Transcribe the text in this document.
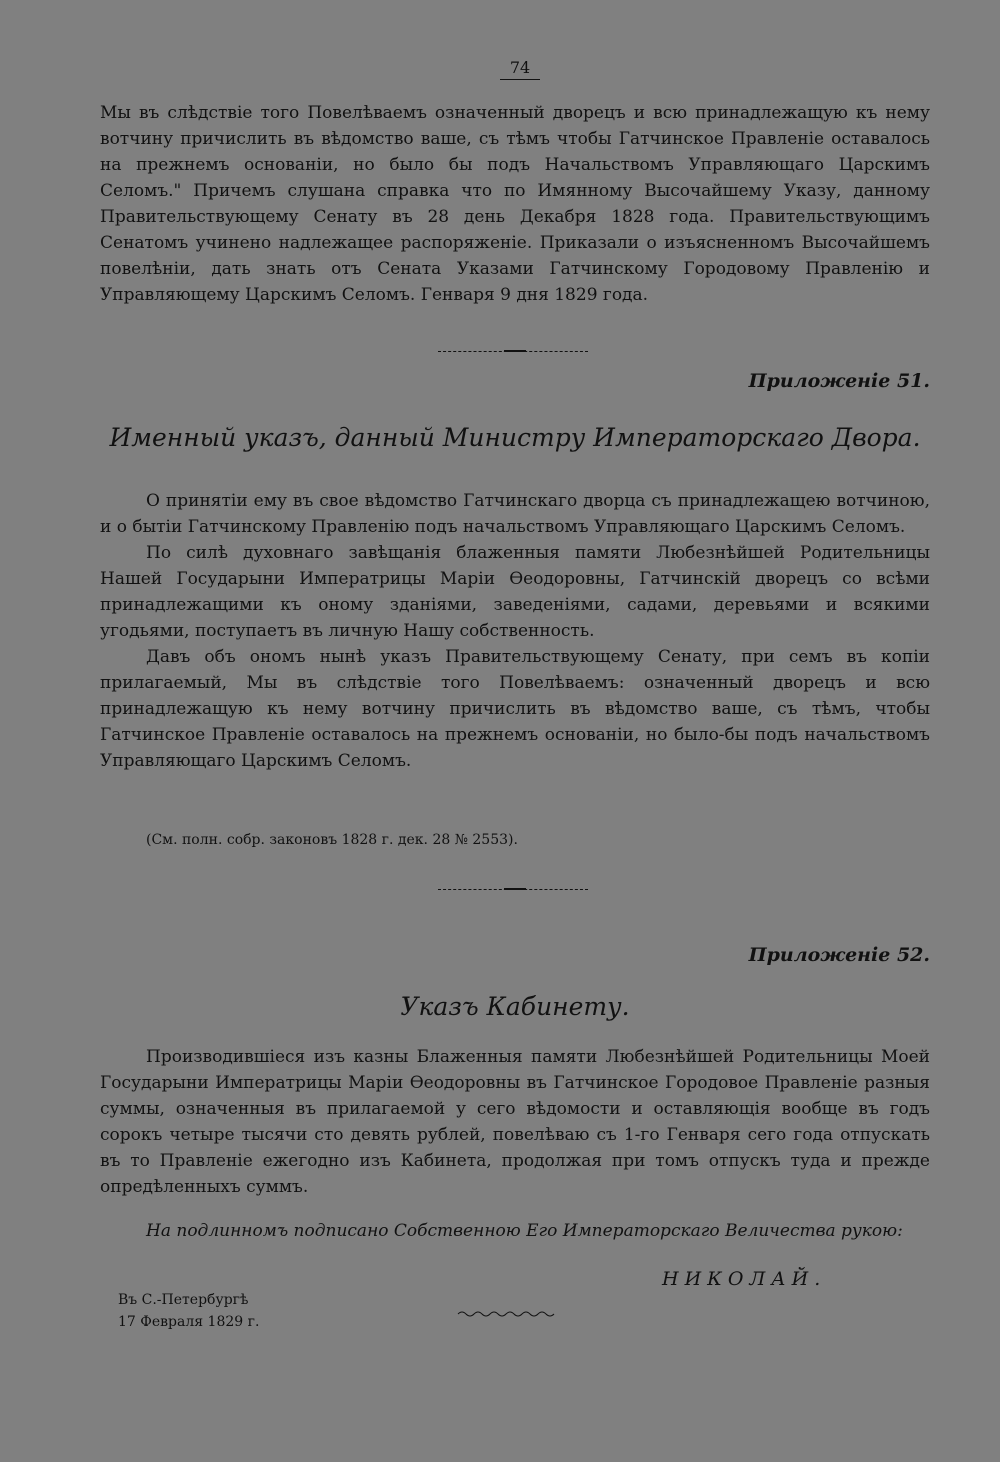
74

Мы въ слѣдствіе того Повелѣваемъ означенный дворецъ и всю принадлежащую къ нему вотчину причислить въ вѣдомство ваше, съ тѣмъ чтобы Гатчинское Правленіе оставалось на прежнемъ основаніи, но было бы подъ Начальствомъ Управляющаго Царскимъ Селомъ." Причемъ слушана справка что по Имянному Высочайшему Указу, данному Правительствующему Сенату въ 28 день Декабря 1828 года. Правительствующимъ Сенатомъ учинено надлежащее распоряженіе. Приказали о изъясненномъ Высочайшемъ повелѣніи, дать знать отъ Сената Указами Гатчинскому Городовому Правленію и Управляющему Царскимъ Селомъ. Генваря 9 дня 1829 года.

Приложеніе 51.
Именный указъ, данный Министру Императорскаго Двора.

О принятіи ему въ свое вѣдомство Гатчинскаго дворца съ принадлежащею вотчиною, и о бытіи Гатчинскому Правленію подъ начальствомъ Управляющаго Царскимъ Селомъ.

По силѣ духовнаго завѣщанія блаженныя памяти Любезнѣйшей Родительницы Нашей Государыни Императрицы Маріи Ѳеодоровны, Гатчинскій дворецъ со всѣми принадлежащими къ оному зданіями, заведеніями, садами, деревьями и всякими угодьями, поступаетъ въ личную Нашу собственность.

Давъ объ ономъ нынѣ указъ Правительствующему Сенату, при семъ въ копіи прилагаемый, Мы въ слѣдствіе того Повелѣваемъ: означенный дворецъ и всю принадлежащую къ нему вотчину причислить въ вѣдомство ваше, съ тѣмъ, чтобы Гатчинское Правленіе оставалось на прежнемъ основаніи, но было-бы подъ начальствомъ Управляющаго Царскимъ Селомъ.

(См. полн. собр. законовъ 1828 г. дек. 28 № 2553).
Приложеніе 52.
Указъ Кабинету.

Производившіеся изъ казны Блаженныя памяти Любезнѣйшей Родительницы Моей Государыни Императрицы Маріи Ѳеодоровны въ Гатчинское Городовое Правленіе разныя суммы, означенныя въ прилагаемой у сего вѣдомости и оставляющія вообще въ годъ сорокъ четыре тысячи сто девять рублей, повелѣваю съ 1-го Генваря сего года отпускать въ то Правленіе ежегодно изъ Кабинета, продолжая при томъ отпускъ туда и прежде опредѣленныхъ суммъ.

На подлинномъ подписано Собственною Его Императорскаго Величества рукою:
НИКОЛАЙ.
Въ С.-Петербургѣ
17 Февраля 1829 г.
